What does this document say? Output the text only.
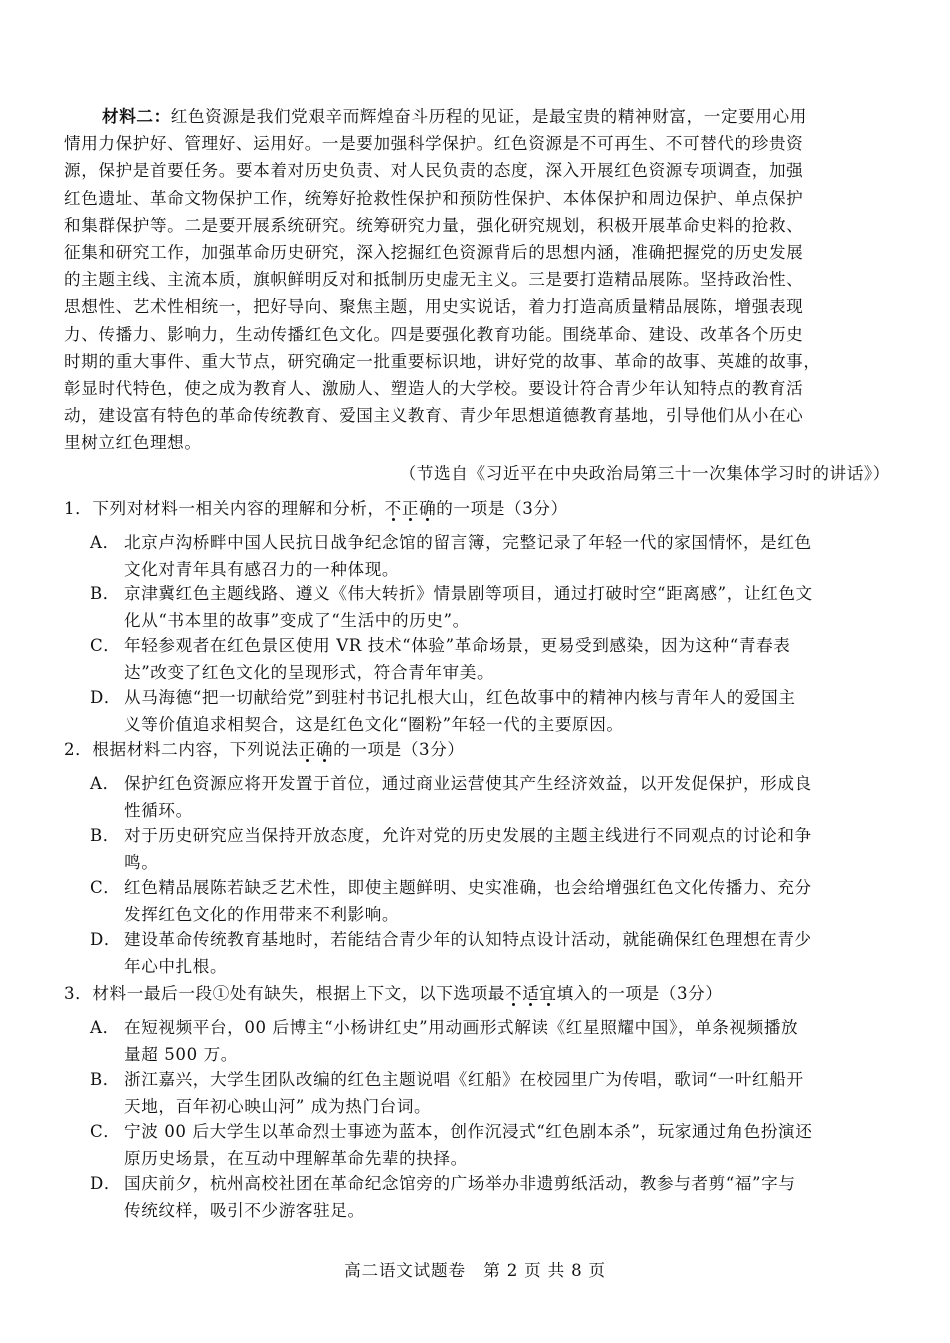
材料二：红色资源是我们党艰辛而辉煌奋斗历程的见证，是最宝贵的精神财富，一定要用心用
情用力保护好、管理好、运用好。一是要加强科学保护。红色资源是不可再生、不可替代的珍贵资
源，保护是首要任务。要本着对历史负责、对人民负责的态度，深入开展红色资源专项调查，加强
红色遗址、革命文物保护工作，统筹好抢救性保护和预防性保护、本体保护和周边保护、单点保护
和集群保护等。二是要开展系统研究。统筹研究力量，强化研究规划，积极开展革命史料的抢救、
征集和研究工作，加强革命历史研究，深入挖掘红色资源背后的思想内涵，准确把握党的历史发展
的主题主线、主流本质，旗帜鲜明反对和抵制历史虚无主义。三是要打造精品展陈。坚持政治性、
思想性、艺术性相统一，把好导向、聚焦主题，用史实说话，着力打造高质量精品展陈，增强表现
力、传播力、影响力，生动传播红色文化。四是要强化教育功能。围绕革命、建设、改革各个历史
时期的重大事件、重大节点，研究确定一批重要标识地，讲好党的故事、革命的故事、英雄的故事，
彰显时代特色，使之成为教育人、激励人、塑造人的大学校。要设计符合青少年认知特点的教育活
动，建设富有特色的革命传统教育、爱国主义教育、青少年思想道德教育基地，引导他们从小在心
里树立红色理想。
（节选自《习近平在中央政治局第三十一次集体学习时的讲话》）
1．下列对材料一相关内容的理解和分析，不正确的一项是（3分）
A． 北京卢沟桥畔中国人民抗日战争纪念馆的留言簿，完整记录了年轻一代的家国情怀，是红色
文化对青年具有感召力的一种体现。
B． 京津冀红色主题线路、遵义《伟大转折》情景剧等项目，通过打破时空“距离感”，让红色文
化从“书本里的故事”变成了“生活中的历史”。
C． 年轻参观者在红色景区使用 VR 技术“体验”革命场景，更易受到感染，因为这种“青春表
达”改变了红色文化的呈现形式，符合青年审美。
D． 从马海德“把一切献给党”到驻村书记扎根大山，红色故事中的精神内核与青年人的爱国主
义等价值追求相契合，这是红色文化“圈粉”年轻一代的主要原因。
2．根据材料二内容，下列说法正确的一项是（3分）
A． 保护红色资源应将开发置于首位，通过商业运营使其产生经济效益，以开发促保护，形成良
性循环。
B． 对于历史研究应当保持开放态度，允许对党的历史发展的主题主线进行不同观点的讨论和争
鸣。
C． 红色精品展陈若缺乏艺术性，即使主题鲜明、史实准确，也会给增强红色文化传播力、充分
发挥红色文化的作用带来不利影响。
D． 建设革命传统教育基地时，若能结合青少年的认知特点设计活动，就能确保红色理想在青少
年心中扎根。
3．材料一最后一段①处有缺失，根据上下文，以下选项最不适宜填入的一项是（3分）
A． 在短视频平台，00 后博主“小杨讲红史”用动画形式解读《红星照耀中国》，单条视频播放
量超 500 万。
B． 浙江嘉兴，大学生团队改编的红色主题说唱《红船》在校园里广为传唱，歌词“一叶红船开
天地，百年初心映山河” 成为热门台词。
C． 宁波 00 后大学生以革命烈士事迹为蓝本，创作沉浸式“红色剧本杀”，玩家通过角色扮演还
原历史场景，在互动中理解革命先辈的抉择。
D． 国庆前夕，杭州高校社团在革命纪念馆旁的广场举办非遗剪纸活动，教参与者剪“福”字与
传统纹样，吸引不少游客驻足。
高二语文试题卷　第 2 页 共 8 页
